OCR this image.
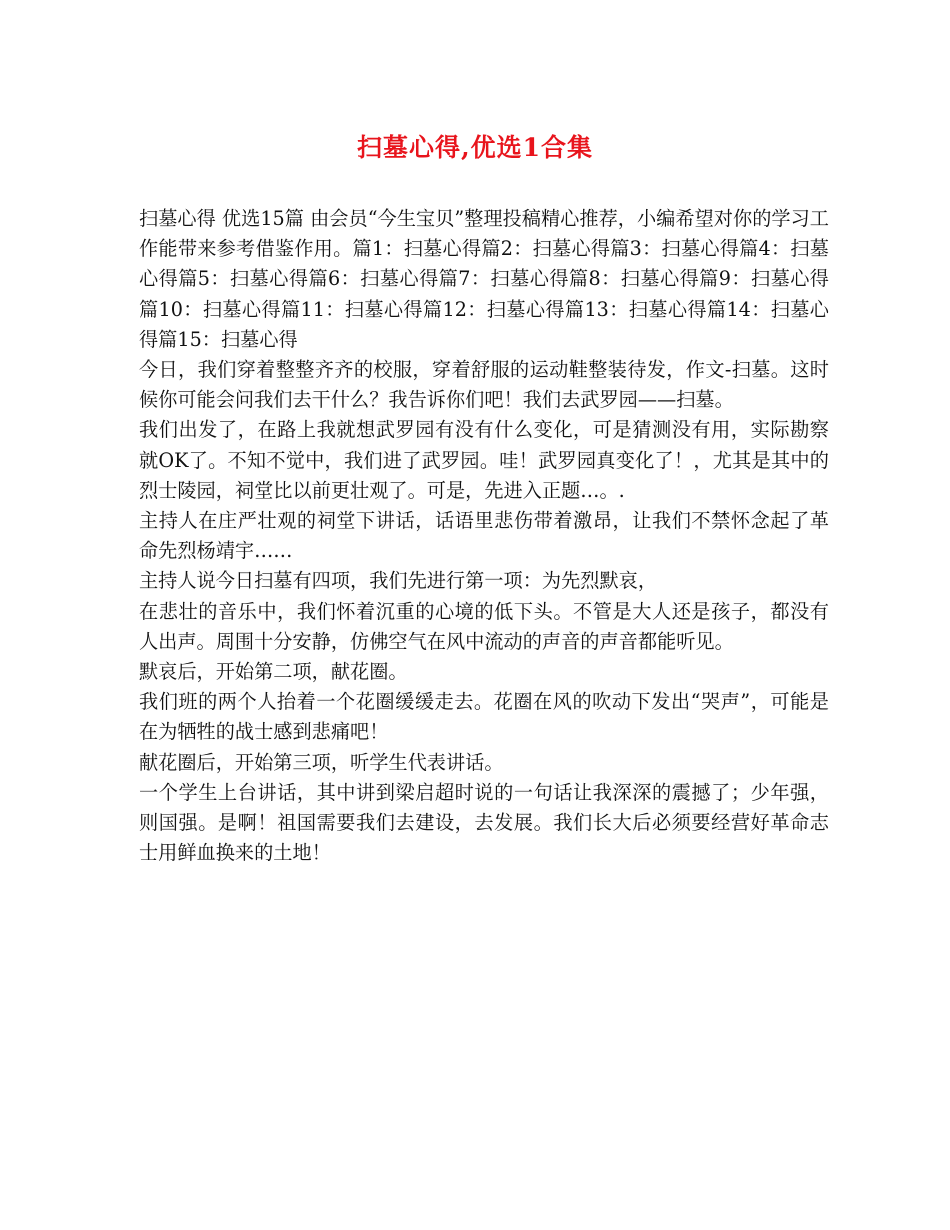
扫墓心得,优选1合集

扫墓心得 优选15篇 由会员“今生宝贝”整理投稿精心推荐，小编希望对你的学习工作能带来参考借鉴作用。篇1：扫墓心得篇2：扫墓心得篇3：扫墓心得篇4：扫墓心得篇5：扫墓心得篇6：扫墓心得篇7：扫墓心得篇8：扫墓心得篇9：扫墓心得篇10：扫墓心得篇11：扫墓心得篇12：扫墓心得篇13：扫墓心得篇14：扫墓心得篇15：扫墓心得

今日，我们穿着整整齐齐的校服，穿着舒服的运动鞋整装待发，作文-扫墓。这时候你可能会问我们去干什么？我告诉你们吧！我们去武罗园——扫墓。

我们出发了，在路上我就想武罗园有没有什么变化，可是猜测没有用，实际勘察就OK了。不知不觉中，我们进了武罗园。哇！武罗园真变化了！，尤其是其中的烈士陵园，祠堂比以前更壮观了。可是，先进入正题…。.

主持人在庄严壮观的祠堂下讲话，话语里悲伤带着激昂，让我们不禁怀念起了革命先烈杨靖宇……

主持人说今日扫墓有四项，我们先进行第一项：为先烈默哀，

在悲壮的音乐中，我们怀着沉重的心境的低下头。不管是大人还是孩子，都没有人出声。周围十分安静，仿佛空气在风中流动的声音的声音都能听见。

默哀后，开始第二项，献花圈。

我们班的两个人抬着一个花圈缓缓走去。花圈在风的吹动下发出“哭声”，可能是在为牺牲的战士感到悲痛吧！

献花圈后，开始第三项，听学生代表讲话。

一个学生上台讲话，其中讲到梁启超时说的一句话让我深深的震撼了；少年强，则国强。是啊！祖国需要我们去建设，去发展。我们长大后必须要经营好革命志士用鲜血换来的土地！
